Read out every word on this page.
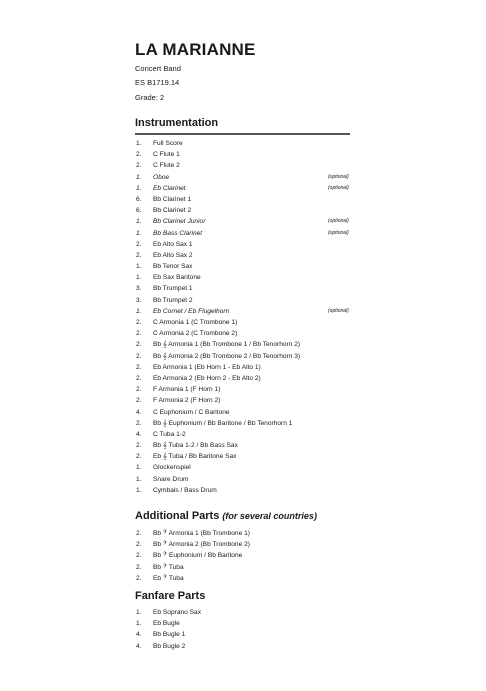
LA MARIANNE
Concert Band
ES B1719.14
Grade: 2
Instrumentation
1.	Full Score
2.	C Flute 1
2.	C Flute 2
1.	Oboe	(optional)
1.	Eb Clarinet	(optional)
6.	Bb Clarinet 1
6.	Bb Clarinet 2
1.	Bb Clarinet Junior	(optional)
1.	Bb Bass Clarinet	(optional)
2.	Eb Alto Sax 1
2.	Eb Alto Sax 2
1.	Bb Tenor Sax
1.	Eb Sax Baritone
3.	Bb Trumpet 1
3.	Bb Trumpet 2
1.	Eb Cornet / Eb Flugelhorn	(optional)
2.	C Armonia 1 (C Trombone 1)
2.	C Armonia 2 (C Trombone 2)
2.	Bb 𝄞 Armonia 1 (Bb Trombone 1 / Bb Tenorhorn 2)
2.	Bb 𝄞 Armonia 2 (Bb Trombone 2 / Bb Tenorhorn 3)
2.	Eb Armonia 1 (Eb Horn 1 - Eb Alto 1)
2.	Eb Armonia 2 (Eb Horn 2 - Eb Alto 2)
2.	F Armonia 1 (F Horn 1)
2.	F Armonia 2 (F Horn 2)
4.	C Euphonium / C Baritone
2.	Bb 𝄞 Euphonium / Bb Baritone / Bb Tenorhorn 1
4.	C Tuba 1-2
2.	Bb 𝄞 Tuba 1-2 / Bb Bass Sax
2.	Eb 𝄞 Tuba / Bb Baritone Sax
1.	Glockenspiel
1.	Snare Drum
1.	Cymbals / Bass Drum
Additional Parts (for several countries)
2.	Bb 𝄢 Armonia 1 (Bb Trombone 1)
2.	Bb 𝄢 Armonia 2 (Bb Trombone 2)
2.	Bb 𝄢 Euphonium / Bb Baritone
2.	Bb 𝄢 Tuba
2.	Eb 𝄢 Tuba
Fanfare Parts
1.	Eb Soprano Sax
1.	Eb Bugle
4.	Bb Bugle 1
4.	Bb Bugle 2
